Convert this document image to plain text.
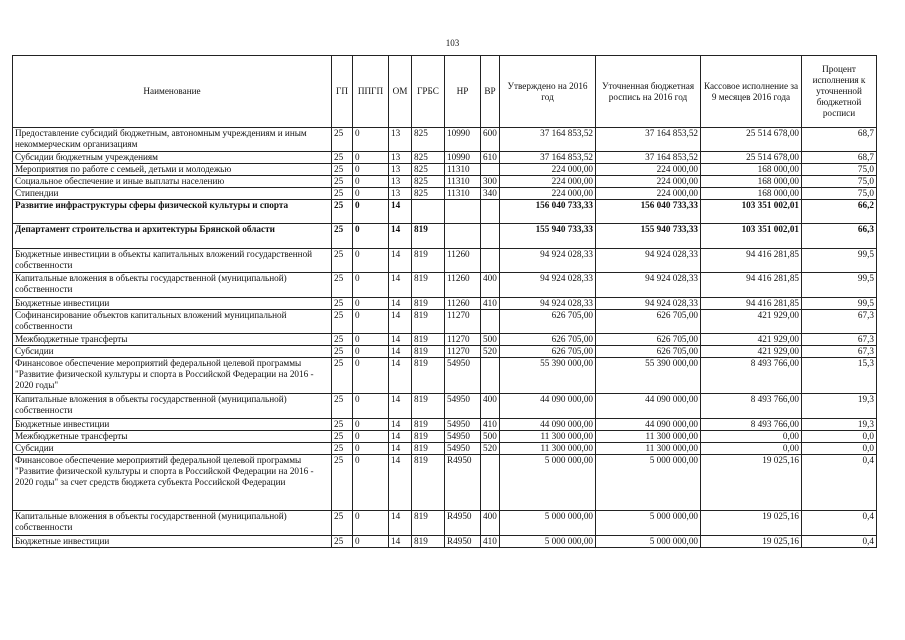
103
Наименование	ГП	ППГП	ОМ	ГРБС	НР	ВР	Утверждено на 2016 год	Уточненная бюджетная роспись на 2016 год	Кассовое исполнение за 9 месяцев 2016 года	Процент исполнения к уточненной бюджетной росписи
Предоставление субсидий бюджетным, автономным учреждениям и иным некоммерческим организациям	25	0	13	825	10990	600	37 164 853,52	37 164 853,52	25 514 678,00	68,7
Субсидии бюджетным учреждениям	25	0	13	825	10990	610	37 164 853,52	37 164 853,52	25 514 678,00	68,7
Мероприятия по работе с семьей, детьми и молодежью	25	0	13	825	11310		224 000,00	224 000,00	168 000,00	75,0
Социальное обеспечение и иные выплаты населению	25	0	13	825	11310	300	224 000,00	224 000,00	168 000,00	75,0
Стипендии	25	0	13	825	11310	340	224 000,00	224 000,00	168 000,00	75,0
Развитие инфраструктуры сферы физической культуры и спорта	25	0	14				156 040 733,33	156 040 733,33	103 351 002,01	66,2
Департамент строительства и архитектуры Брянской области	25	0	14	819			155 940 733,33	155 940 733,33	103 351 002,01	66,3
Бюджетные инвестиции в объекты капитальных вложений государственной собственности	25	0	14	819	11260		94 924 028,33	94 924 028,33	94 416 281,85	99,5
Капитальные вложения в объекты государственной (муниципальной) собственности	25	0	14	819	11260	400	94 924 028,33	94 924 028,33	94 416 281,85	99,5
Бюджетные инвестиции	25	0	14	819	11260	410	94 924 028,33	94 924 028,33	94 416 281,85	99,5
Софинансирование объектов капитальных вложений муниципальной собственности	25	0	14	819	11270		626 705,00	626 705,00	421 929,00	67,3
Межбюджетные трансферты	25	0	14	819	11270	500	626 705,00	626 705,00	421 929,00	67,3
Субсидии	25	0	14	819	11270	520	626 705,00	626 705,00	421 929,00	67,3
Финансовое обеспечение мероприятий федеральной целевой программы "Развитие физической культуры и спорта в Российской Федерации на 2016 - 2020 годы"	25	0	14	819	54950		55 390 000,00	55 390 000,00	8 493 766,00	15,3
Капитальные вложения в объекты государственной (муниципальной) собственности	25	0	14	819	54950	400	44 090 000,00	44 090 000,00	8 493 766,00	19,3
Бюджетные инвестиции	25	0	14	819	54950	410	44 090 000,00	44 090 000,00	8 493 766,00	19,3
Межбюджетные трансферты	25	0	14	819	54950	500	11 300 000,00	11 300 000,00	0,00	0,0
Субсидии	25	0	14	819	54950	520	11 300 000,00	11 300 000,00	0,00	0,0
Финансовое обеспечение мероприятий федеральной целевой программы "Развитие физической культуры и спорта в Российской Федерации на 2016 - 2020 годы" за счет средств бюджета субъекта Российской Федерации	25	0	14	819	R4950		5 000 000,00	5 000 000,00	19 025,16	0,4
Капитальные вложения в объекты государственной (муниципальной) собственности	25	0	14	819	R4950	400	5 000 000,00	5 000 000,00	19 025,16	0,4
Бюджетные инвестиции	25	0	14	819	R4950	410	5 000 000,00	5 000 000,00	19 025,16	0,4
